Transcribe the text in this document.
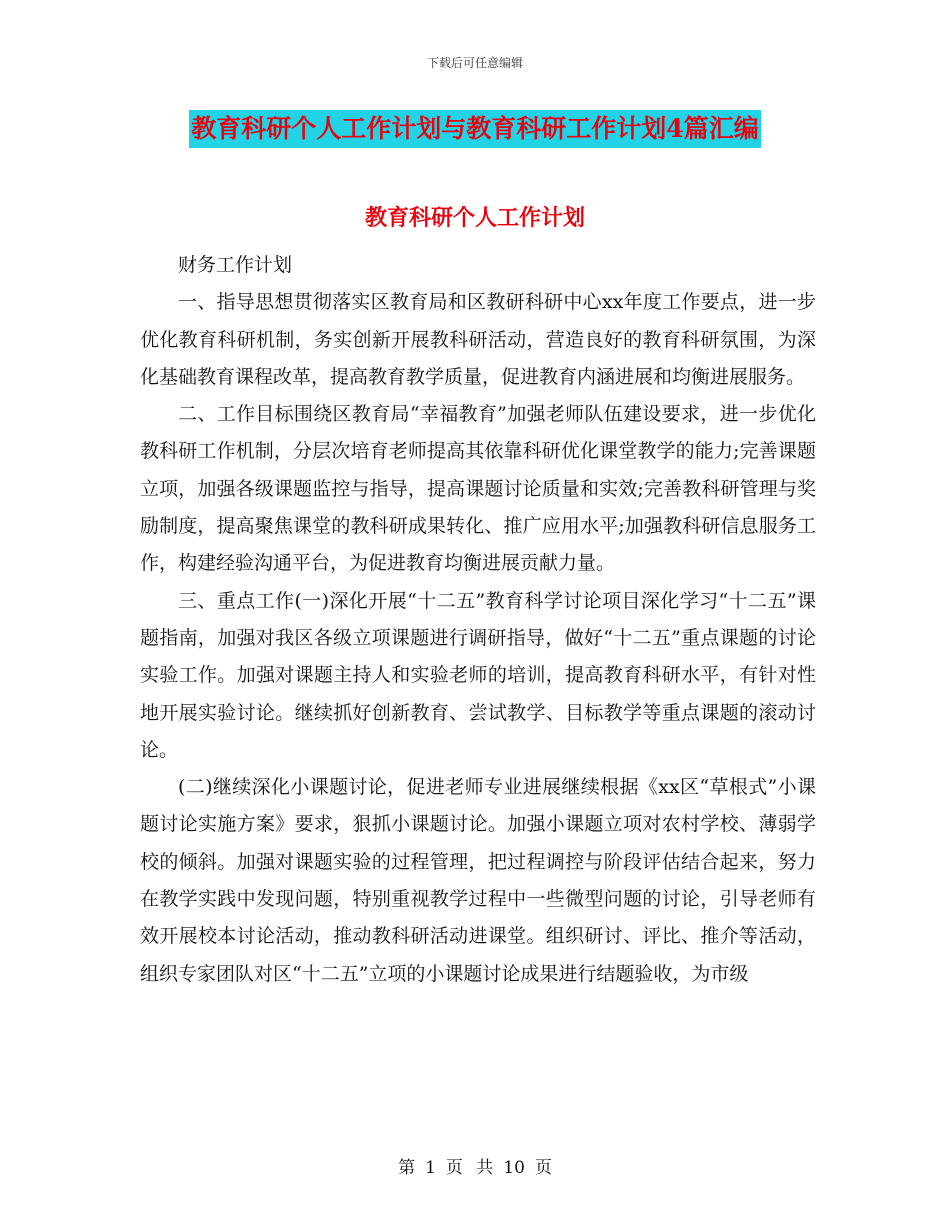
下载后可任意编辑
教育科研个人工作计划与教育科研工作计划4篇汇编
教育科研个人工作计划

财务工作计划

一、指导思想贯彻落实区教育局和区教研科研中心xx年度工作要点，进一步优化教育科研机制，务实创新开展教科研活动，营造良好的教育科研氛围，为深化基础教育课程改革，提高教育教学质量，促进教育内涵进展和均衡进展服务。

二、工作目标围绕区教育局“幸福教育”加强老师队伍建设要求，进一步优化教科研工作机制，分层次培育老师提高其依靠科研优化课堂教学的能力;完善课题立项，加强各级课题监控与指导，提高课题讨论质量和实效;完善教科研管理与奖励制度，提高聚焦课堂的教科研成果转化、推广应用水平;加强教科研信息服务工作，构建经验沟通平台，为促进教育均衡进展贡献力量。

三、重点工作(一)深化开展“十二五”教育科学讨论项目深化学习“十二五”课题指南，加强对我区各级立项课题进行调研指导，做好“十二五”重点课题的讨论实验工作。加强对课题主持人和实验老师的培训，提高教育科研水平，有针对性地开展实验讨论。继续抓好创新教育、尝试教学、目标教学等重点课题的滚动讨论。

(二)继续深化小课题讨论，促进老师专业进展继续根据《xx区“草根式”小课题讨论实施方案》要求，狠抓小课题讨论。加强小课题立项对农村学校、薄弱学校的倾斜。加强对课题实验的过程管理，把过程调控与阶段评估结合起来，努力在教学实践中发现问题，特别重视教学过程中一些微型问题的讨论，引导老师有效开展校本讨论活动，推动教科研活动进课堂。组织研讨、评比、推介等活动，组织专家团队对区“十二五”立项的小课题讨论成果进行结题验收，为市级

第 1 页 共 10 页
